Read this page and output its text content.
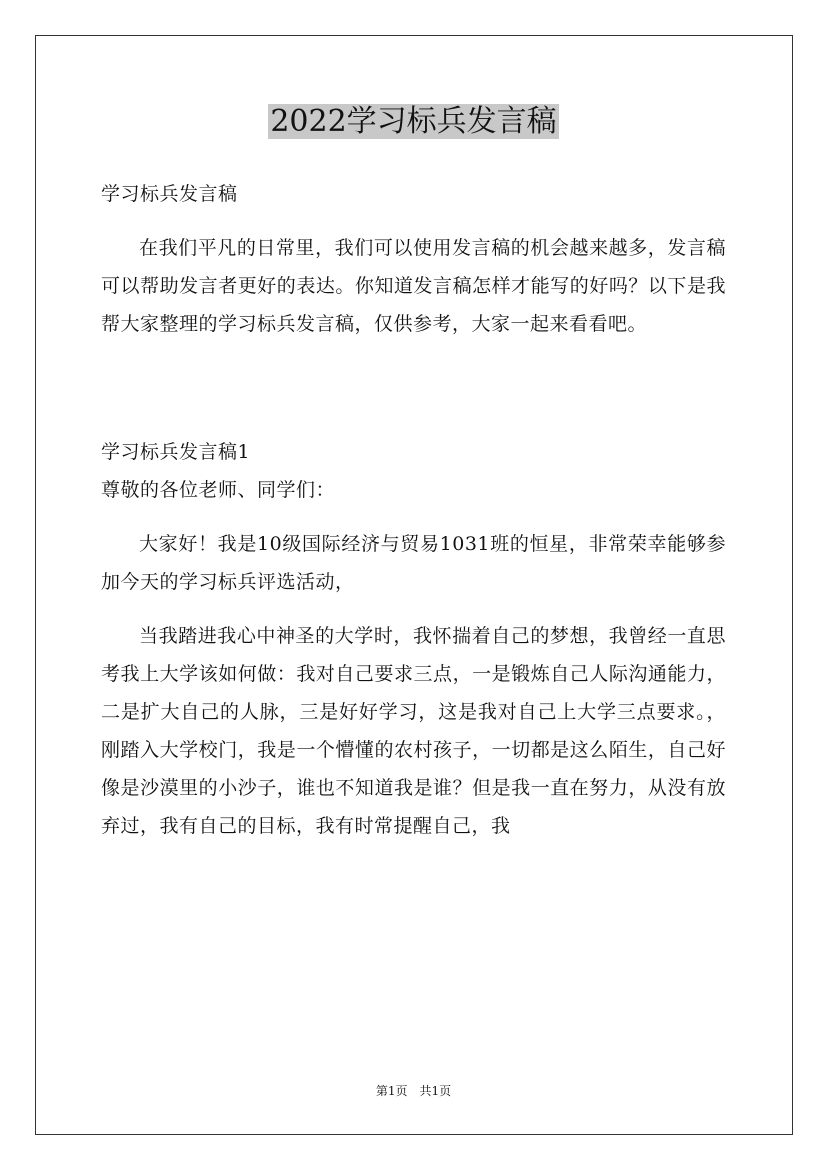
2022学习标兵发言稿

学习标兵发言稿

在我们平凡的日常里，我们可以使用发言稿的机会越来越多，发言稿可以帮助发言者更好的表达。你知道发言稿怎样才能写的好吗？以下是我帮大家整理的学习标兵发言稿，仅供参考，大家一起来看看吧。

学习标兵发言稿1

尊敬的各位老师、同学们：

大家好！我是10级国际经济与贸易1031班的恒星，非常荣幸能够参加今天的学习标兵评选活动，

当我踏进我心中神圣的大学时，我怀揣着自己的梦想，我曾经一直思考我上大学该如何做：我对自己要求三点，一是锻炼自己人际沟通能力，二是扩大自己的人脉，三是好好学习，这是我对自己上大学三点要求。，刚踏入大学校门，我是一个懵懂的农村孩子，一切都是这么陌生，自己好像是沙漠里的小沙子，谁也不知道我是谁？但是我一直在努力，从没有放弃过，我有自己的目标，我有时常提醒自己，我

第1页　共1页
